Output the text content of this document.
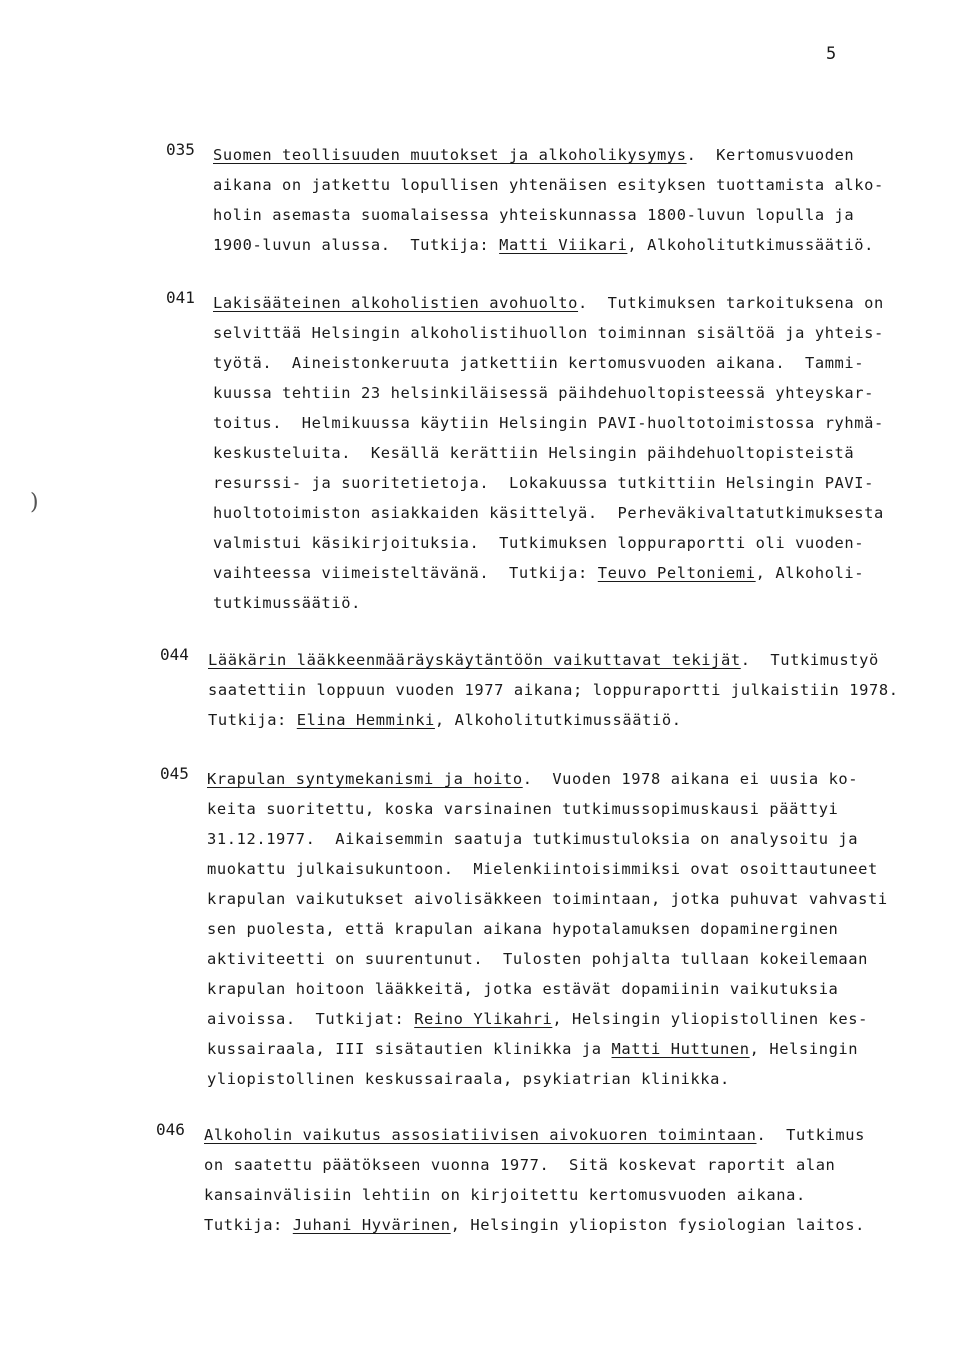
5
)
035 Suomen teollisuuden muutokset ja alkoholikysymys.  Kertomusvuoden
aikana on jatkettu lopullisen yhtenäisen esityksen tuottamista alko-
holin asemasta suomalaisessa yhteiskunnassa 1800-luvun lopulla ja
1900-luvun alussa.  Tutkija: Matti Viikari, Alkoholitutkimussäätiö.
041 Lakisääteinen alkoholistien avohuolto.  Tutkimuksen tarkoituksena on
selvittää Helsingin alkoholistihuollon toiminnan sisältöä ja yhteis-
työtä.  Aineistonkeruuta jatkettiin kertomusvuoden aikana.  Tammi-
kuussa tehtiin 23 helsinkiläisessä päihdehuoltopisteessä yhteyskar-
toitus.  Helmikuussa käytiin Helsingin PAVI-huoltotoimistossa ryhmä-
keskusteluita.  Kesällä kerättiin Helsingin päihdehuoltopisteistä
resurssi- ja suoritetietoja.  Lokakuussa tutkittiin Helsingin PAVI-
huoltotoimiston asiakkaiden käsittelyä.  Perheväkivaltatutkimuksesta
valmistui käsikirjoituksia.  Tutkimuksen loppuraportti oli vuoden-
vaihteessa viimeisteltävänä.  Tutkija: Teuvo Peltoniemi, Alkoholi-
tutkimussäätiö.
044 Lääkärin lääkkeenmääräyskäytäntöön vaikuttavat tekijät.  Tutkimustyö
saatettiin loppuun vuoden 1977 aikana; loppuraportti julkaistiin 1978.
Tutkija: Elina Hemminki, Alkoholitutkimussäätiö.
045 Krapulan syntymekanismi ja hoito.  Vuoden 1978 aikana ei uusia ko-
keita suoritettu, koska varsinainen tutkimussopimuskausi päättyi
31.12.1977.  Aikaisemmin saatuja tutkimustuloksia on analysoitu ja
muokattu julkaisukuntoon.  Mielenkiintoisimmiksi ovat osoittautuneet
krapulan vaikutukset aivolisäkkeen toimintaan, jotka puhuvat vahvasti
sen puolesta, että krapulan aikana hypotalamuksen dopaminerginen
aktiviteetti on suurentunut.  Tulosten pohjalta tullaan kokeilemaan
krapulan hoitoon lääkkeitä, jotka estävät dopamiinin vaikutuksia
aivoissa.  Tutkijat: Reino Ylikahri, Helsingin yliopistollinen kes-
kussairaala, III sisätautien klinikka ja Matti Huttunen, Helsingin
yliopistollinen keskussairaala, psykiatrian klinikka.
046 Alkoholin vaikutus assosiatiivisen aivokuoren toimintaan.  Tutkimus
on saatettu päätökseen vuonna 1977.  Sitä koskevat raportit alan
kansainvälisiin lehtiin on kirjoitettu kertomusvuoden aikana.
Tutkija: Juhani Hyvärinen, Helsingin yliopiston fysiologian laitos.
